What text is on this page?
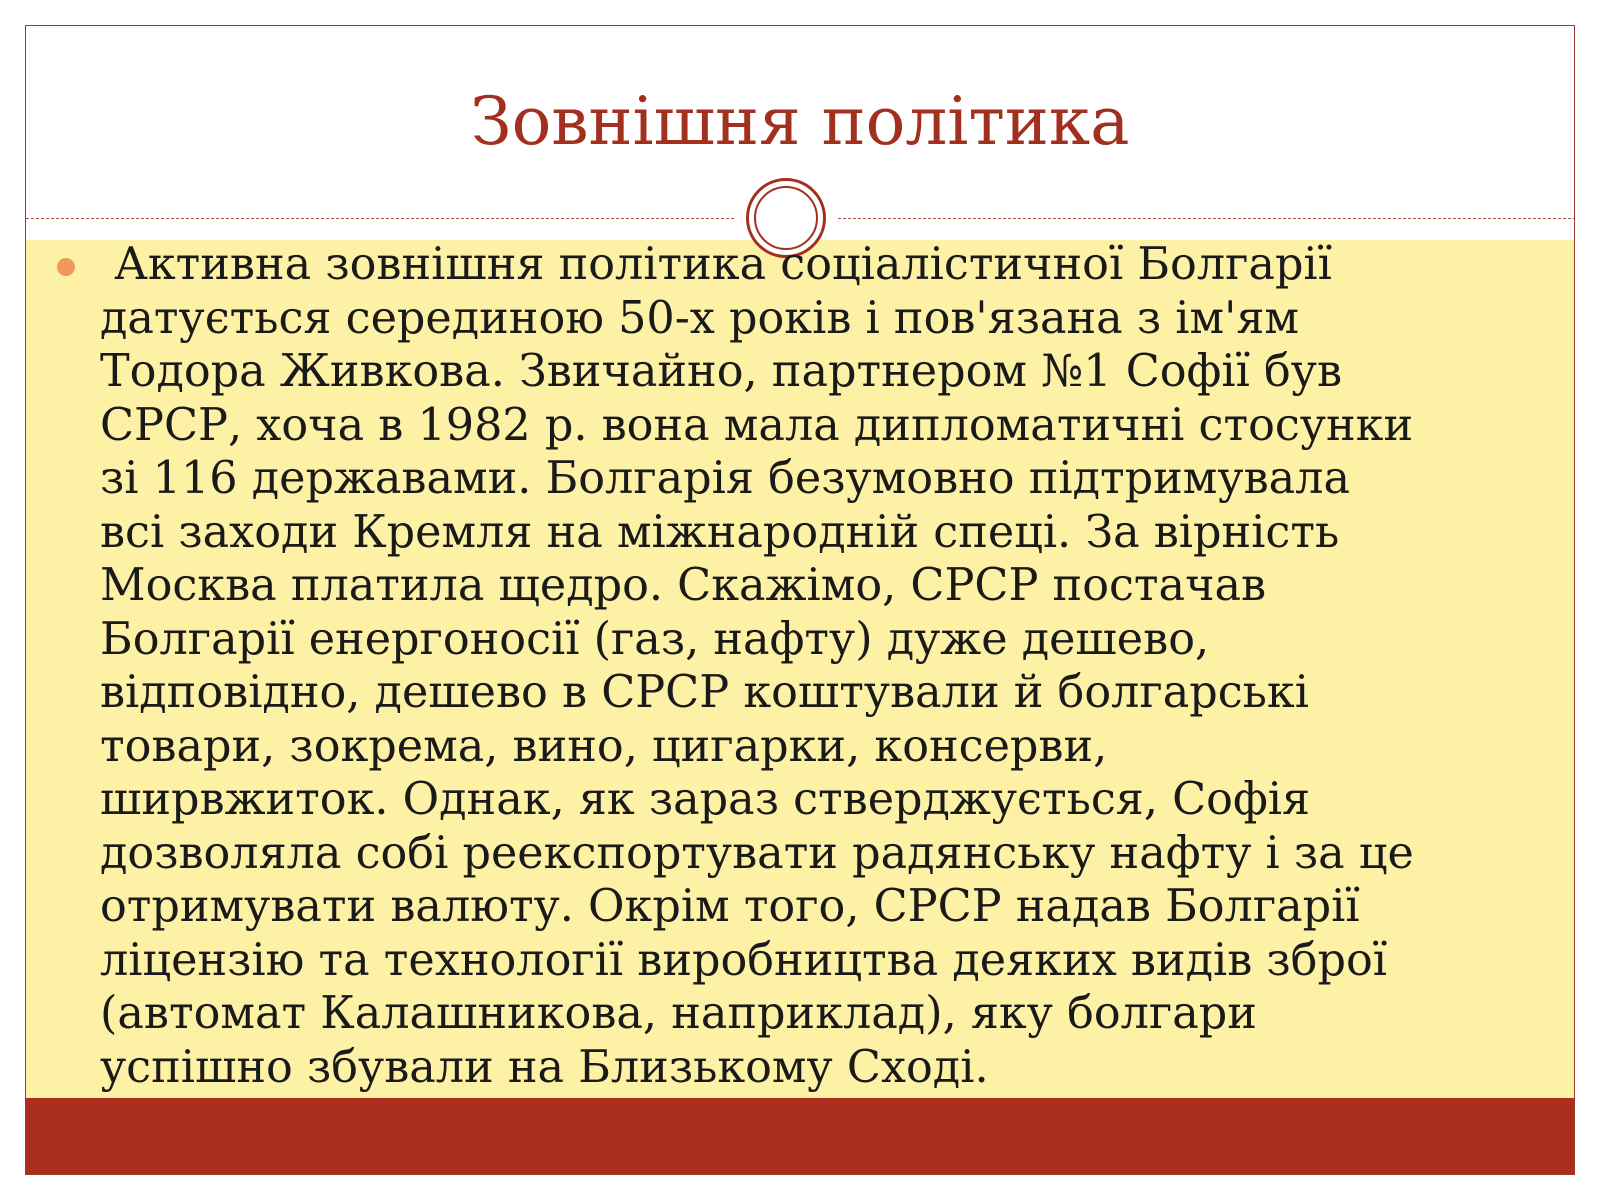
Зовнішня політика

Активна зовнішня політика соціалістичної Болгарії
датується серединою 50-х років і пов'язана з ім'ям
Тодора Живкова. Звичайно, партнером №1 Софії був
СРСР, хоча в 1982 р. вона мала дипломатичні стосунки
зі 116 державами. Болгарія безумовно підтримувала
всі заходи Кремля на міжнародній спеці. За вірність
Москва платила щедро. Скажімо, СРСР постачав
Болгарії енергоносії (газ, нафту) дуже дешево,
відповідно, дешево в СРСР коштували й болгарські
товари, зокрема, вино, цигарки, консерви,
ширвжиток. Однак, як зараз стверджується, Софія
дозволяла собі реекспортувати радянську нафту і за це
отримувати валюту. Окрім того, СРСР надав Болгарії
ліцензію та технології виробництва деяких видів зброї
(автомат Калашникова, наприклад), яку болгари
успішно збували на Близькому Сході.
